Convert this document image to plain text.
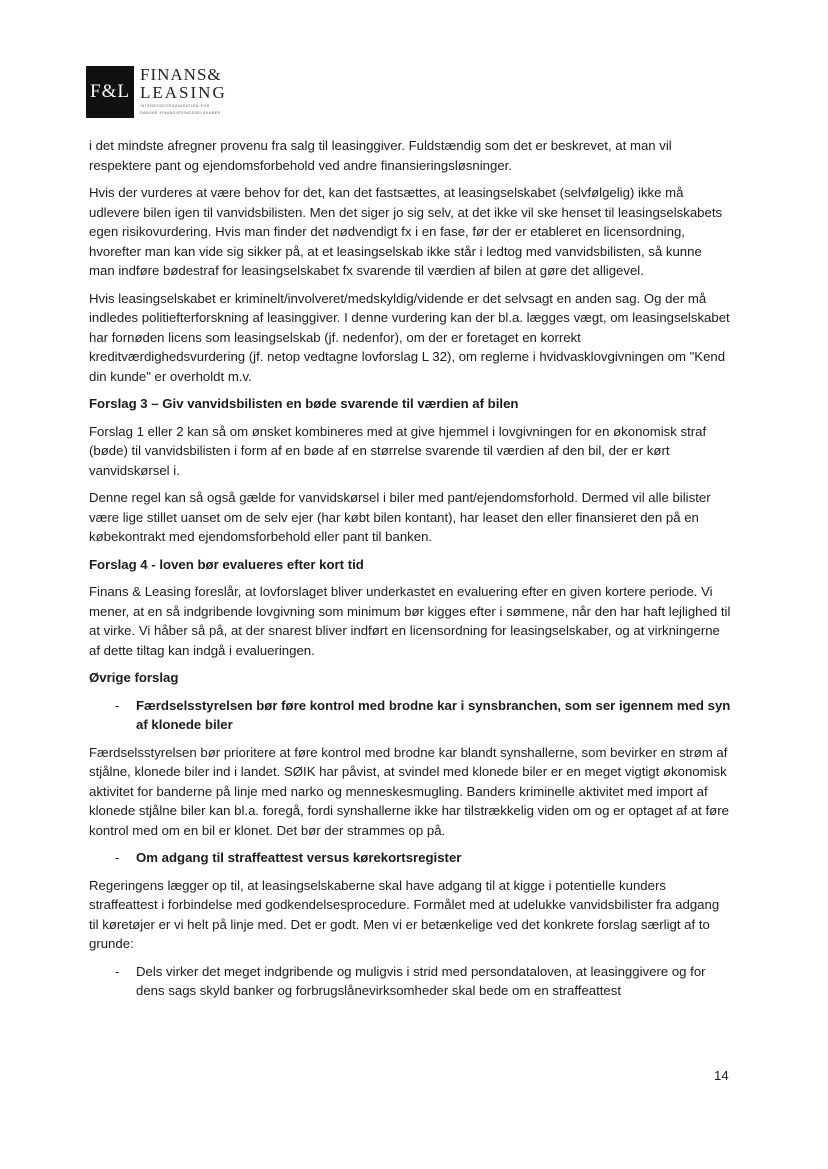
F&L
FINANS&
LEASING
INTERESSEORGANISATION FOR
DANSKE FINANSIERINGSSELSKABER

i det mindste afregner provenu fra salg til leasinggiver. Fuldstændig som det er beskrevet, at man vil respektere pant og ejendomsforbehold ved andre finansieringsløsninger.

Hvis der vurderes at være behov for det, kan det fastsættes, at leasingselskabet (selvfølgelig) ikke må udlevere bilen igen til vanvidsbilisten. Men det siger jo sig selv, at det ikke vil ske henset til leasingselskabets egen risikovurdering. Hvis man finder det nødvendigt fx i en fase, før der er etableret en licensordning, hvorefter man kan vide sig sikker på, at et leasingselskab ikke står i ledtog med vanvidsbilisten, så kunne man indføre bødestraf for leasingselskabet fx svarende til værdien af bilen at gøre det alligevel.

Hvis leasingselskabet er kriminelt/involveret/medskyldig/vidende er det selvsagt en anden sag. Og der må indledes politiefterforskning af leasinggiver. I denne vurdering kan der bl.a. lægges vægt, om leasingselskabet har fornøden licens som leasingselskab (jf. nedenfor), om der er foretaget en korrekt kreditværdighedsvurdering (jf. netop vedtagne lovforslag L 32), om reglerne i hvidvasklovgivningen om "Kend din kunde" er overholdt m.v.

Forslag 3 – Giv vanvidsbilisten en bøde svarende til værdien af bilen

Forslag 1 eller 2 kan så om ønsket kombineres med at give hjemmel i lovgivningen for en økonomisk straf (bøde) til vanvidsbilisten i form af en bøde af en størrelse svarende til værdien af den bil, der er kørt vanvidskørsel i.

Denne regel kan så også gælde for vanvidskørsel i biler med pant/ejendomsforhold. Dermed vil alle bilister være lige stillet uanset om de selv ejer (har købt bilen kontant), har leaset den eller finansieret den på en købekontrakt med ejendomsforbehold eller pant til banken.

Forslag 4 - loven bør evalueres efter kort tid

Finans & Leasing foreslår, at lovforslaget bliver underkastet en evaluering efter en given kortere periode. Vi mener, at en så indgribende lovgivning som minimum bør kigges efter i sømmene, når den har haft lejlighed til at virke. Vi håber så på, at der snarest bliver indført en licensordning for leasingselskaber, og at virkningerne af dette tiltag kan indgå i evalueringen.

Øvrige forslag
-	Færdselsstyrelsen bør føre kontrol med brodne kar i synsbranchen, som ser igennem med syn af klonede biler

Færdselsstyrelsen bør prioritere at føre kontrol med brodne kar blandt synshallerne, som bevirker en strøm af stjålne, klonede biler ind i landet. SØIK har påvist, at svindel med klonede biler er en meget vigtigt økonomisk aktivitet for banderne på linje med narko og menneskesmugling. Banders kriminelle aktivitet med import af klonede stjålne biler kan bl.a. foregå, fordi synshallerne ikke har tilstrækkelig viden om og er optaget af at føre kontrol med om en bil er klonet. Det bør der strammes op på.

-	Om adgang til straffeattest versus kørekortsregister

Regeringens lægger op til, at leasingselskaberne skal have adgang til at kigge i potentielle kunders straffeattest i forbindelse med godkendelsesprocedure. Formålet med at udelukke vanvidsbilister fra adgang til køretøjer er vi helt på linje med. Det er godt. Men vi er betænkelige ved det konkrete forslag særligt af to grunde:

-	Dels virker det meget indgribende og muligvis i strid med persondataloven, at leasinggivere og for dens sags skyld banker og forbrugslånevirksomheder skal bede om en straffeattest
14
